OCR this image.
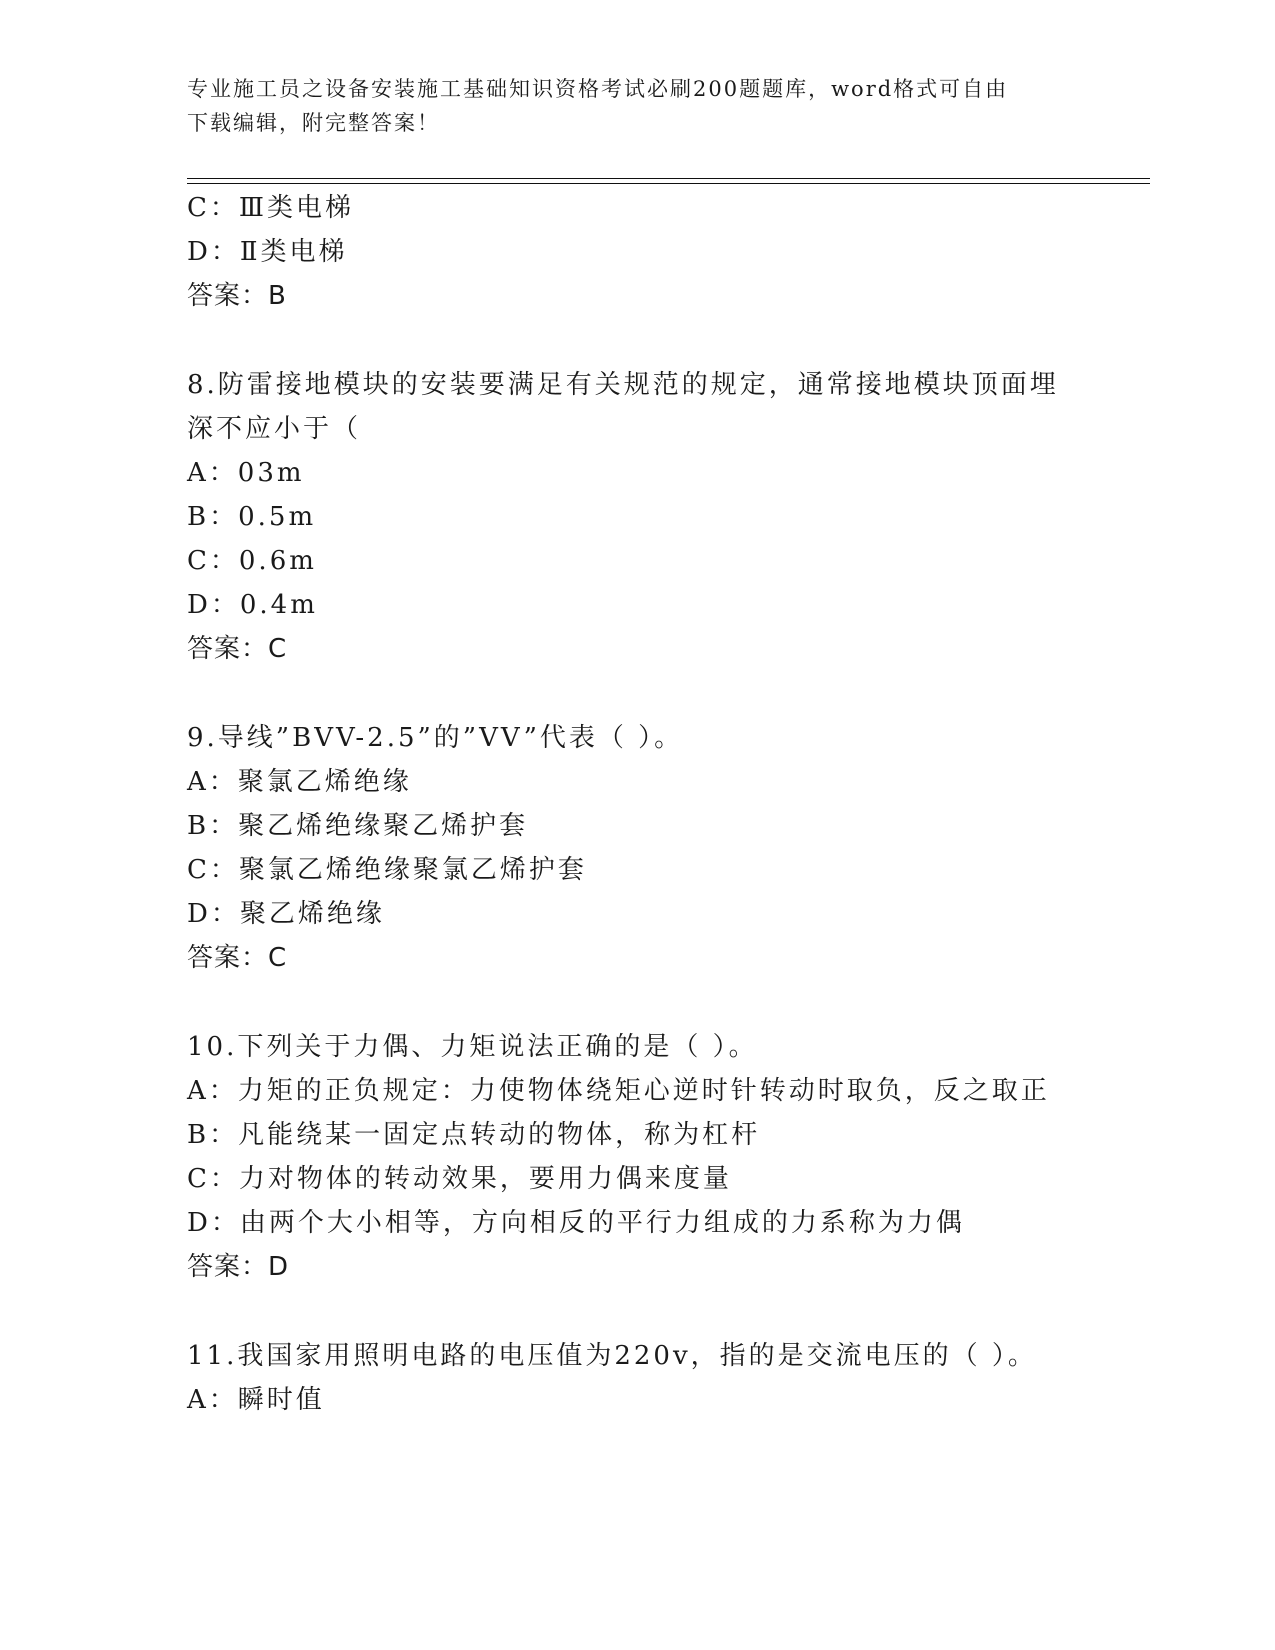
专业施工员之设备安装施工基础知识资格考试必刷200题题库，word格式可自由
下载编辑，附完整答案！
C：Ⅲ类电梯
D：Ⅱ类电梯
答案：B
8.防雷接地模块的安装要满足有关规范的规定，通常接地模块顶面埋
深不应小于（
A：03m
B：0.5m
C：0.6m
D：0.4m
答案：C
9.导线”BVV-2.5”的”VV”代表（ ）。
A：聚氯乙烯绝缘
B：聚乙烯绝缘聚乙烯护套
C：聚氯乙烯绝缘聚氯乙烯护套
D：聚乙烯绝缘
答案：C
10.下列关于力偶、力矩说法正确的是（ ）。
A：力矩的正负规定：力使物体绕矩心逆时针转动时取负，反之取正
B：凡能绕某一固定点转动的物体，称为杠杆
C：力对物体的转动效果，要用力偶来度量
D：由两个大小相等，方向相反的平行力组成的力系称为力偶
答案：D
11.我国家用照明电路的电压值为220v，指的是交流电压的（ ）。
A：瞬时值
